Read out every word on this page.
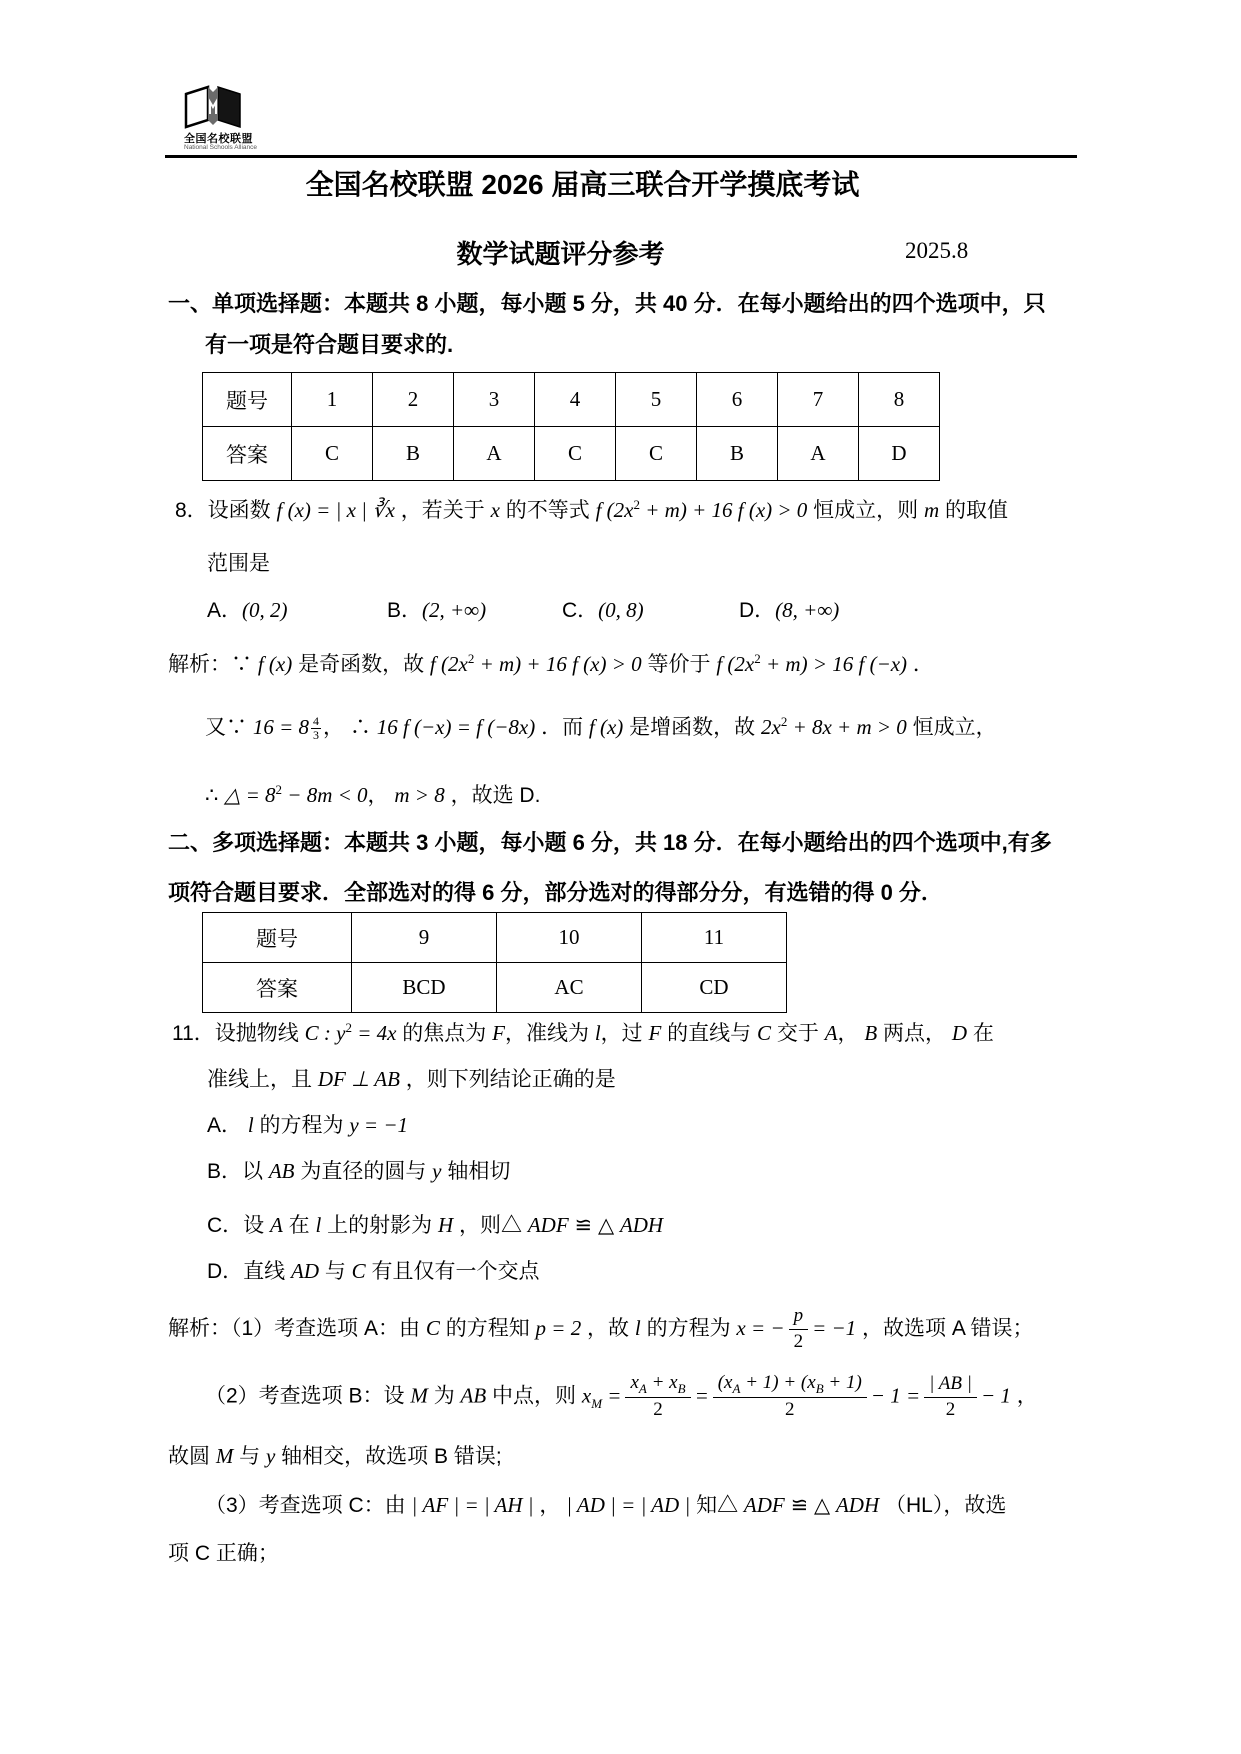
全国名校联盟
National Schools Alliance
全国名校联盟 2026 届高三联合开学摸底考试
数学试题评分参考	2025.8
一、单项选择题：本题共 8 小题，每小题 5 分，共 40 分．在每小题给出的四个选项中，只
有一项是符合题目要求的.
题号	1	2	3	4	5	6	7	8
答案	C	B	A	C	C	B	A	D
8．设函数 f (x) = | x | ∛x ，若关于 x 的不等式 f $(2x^2 + m) + 16$ f (x) > 0 恒成立，则 m 的取值
范围是
A．(0, 2)	B．(2, +∞)	C．(0, 8)	D．(8, +∞)
解析：∵ f (x) 是奇函数，故 f $(2x^2 + m) + 16$ f (x) > 0 等价于 f $(2x^2 + m) > 16$ f (−x) ．
又∵ $16 = 8 \frac{4}{3}$ ， ∴ 16 f (−x) = f (−8x) ．而 f (x) 是增函数，故 $2x^2 + 8x + m > 0$ 恒成立，
∴ △ = $8^2 - 8m < 0$， m > 8 ，故选 D.
二、多项选择题：本题共 3 小题，每小题 6 分，共 18 分．在每小题给出的四个选项中,有多
项符合题目要求．全部选对的得 6 分，部分选对的得部分分，有选错的得 0 分．
题号	9	10	11
答案	BCD	AC	CD
11．设抛物线 C : $y^2 = 4x$ 的焦点为 F，准线为 l，过 F 的直线与 C 交于 A， B 两点， D 在
准线上，且 DF ⊥ AB ，则下列结论正确的是
A． l 的方程为 y = −1
B．以 AB 为直径的圆与 y 轴相切
C．设 A 在 l 上的射影为 H ，则△ ADF ≌ △ ADH
D．直线 AD 与 C 有且仅有一个交点
解析：（1）考查选项 A：由 C 的方程知 p = 2 ，故 l 的方程为 x = − $\frac{p}{2} = -1$ ，故选项 A 错误；
（2）考查选项 B：设 M 为 AB 中点，则 $x_M = \frac{x_A + x_B}{2} = \frac{(x_A + 1) + (x_B + 1)}{2} - 1 = \frac{| AB |}{2} - 1$ ，
故圆 M 与 y 轴相交，故选项 B 错误;
（3）考查选项 C：由 | AF | = | AH | ， | AD | = | AD | 知△ ADF ≌ △ ADH （HL），故选
项 C 正确；
